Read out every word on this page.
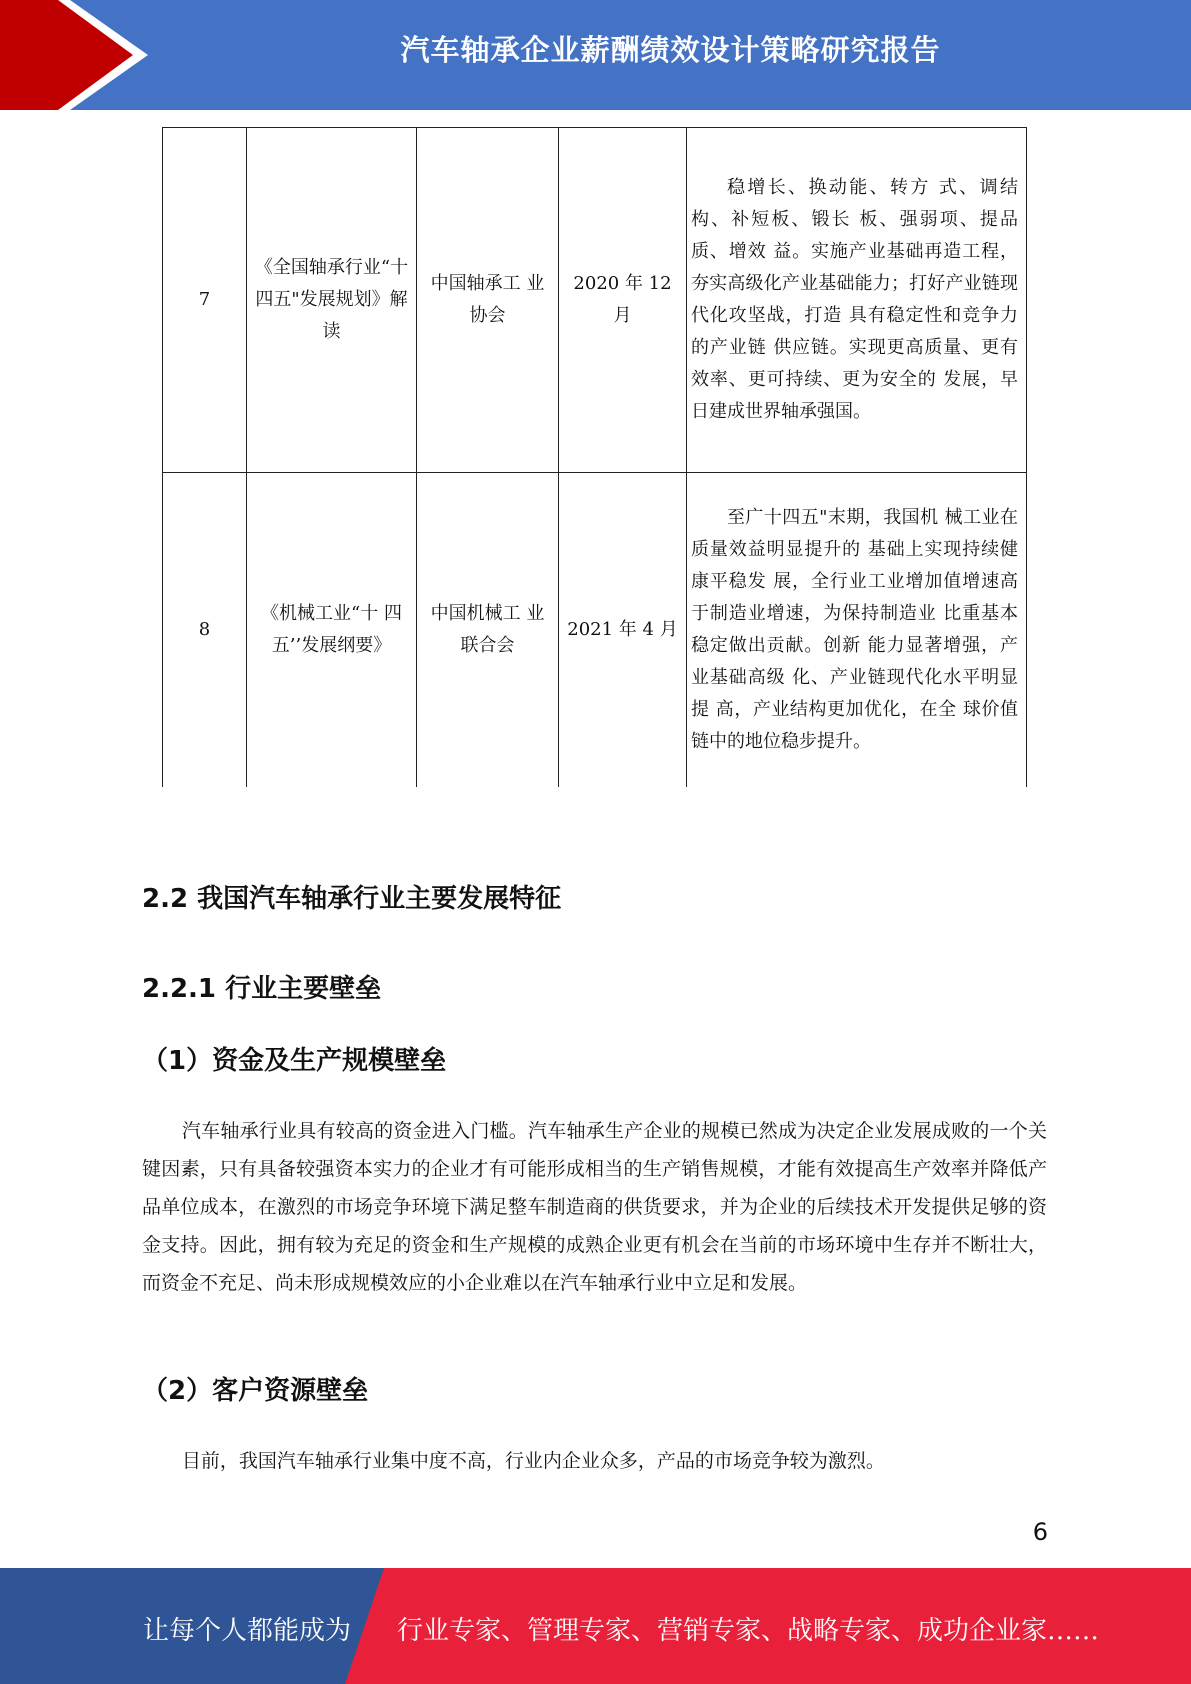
汽车轴承企业薪酬绩效设计策略研究报告
7	《全国轴承行业“十四五"发展规划》解读	中国轴承工 业协会	2020 年 12 月	稳增长、换动能、转方 式、调结构、补短板、锻长 板、强弱项、提品质、增效 益。实施产业基础再造工程， 夯实高级化产业基础能力；打好产业链现代化攻坚战，打造 具有稳定性和竞争力的产业链 供应链。实现更高质量、更有 效率、更可持续、更为安全的 发展，早日建成世界轴承强国。
8	《机械工业“十 四五’’发展纲要》	中国机械工 业联合会	2021 年 4 月	至广十四五"末期，我国机 械工业在质量效益明显提升的 基础上实现持续健康平稳发 展，全行业工业增加值增速高 于制造业增速，为保持制造业 比重基本稳定做出贡献。创新 能力显著增强，产业基础高级 化、产业链现代化水平明显提 高，产业结构更加优化，在全 球价值链中的地位稳步提升。
2.2 我国汽车轴承行业主要发展特征
2.2.1 行业主要壁垒
（1）资金及生产规模壁垒

汽车轴承行业具有较高的资金进入门槛。汽车轴承生产企业的规模已然成为决定企业发展成败的一个关键因素，只有具备较强资本实力的企业才有可能形成相当的生产销售规模，才能有效提高生产效率并降低产品单位成本，在激烈的市场竞争环境下满足整车制造商的供货要求，并为企业的后续技术开发提供足够的资金支持。因此，拥有较为充足的资金和生产规模的成熟企业更有机会在当前的市场环境中生存并不断壮大，而资金不充足、尚未形成规模效应的小企业难以在汽车轴承行业中立足和发展。

（2）客户资源壁垒

目前，我国汽车轴承行业集中度不高，行业内企业众多，产品的市场竞争较为激烈。

6
让每个人都能成为 行业专家、管理专家、营销专家、战略专家、成功企业家……
